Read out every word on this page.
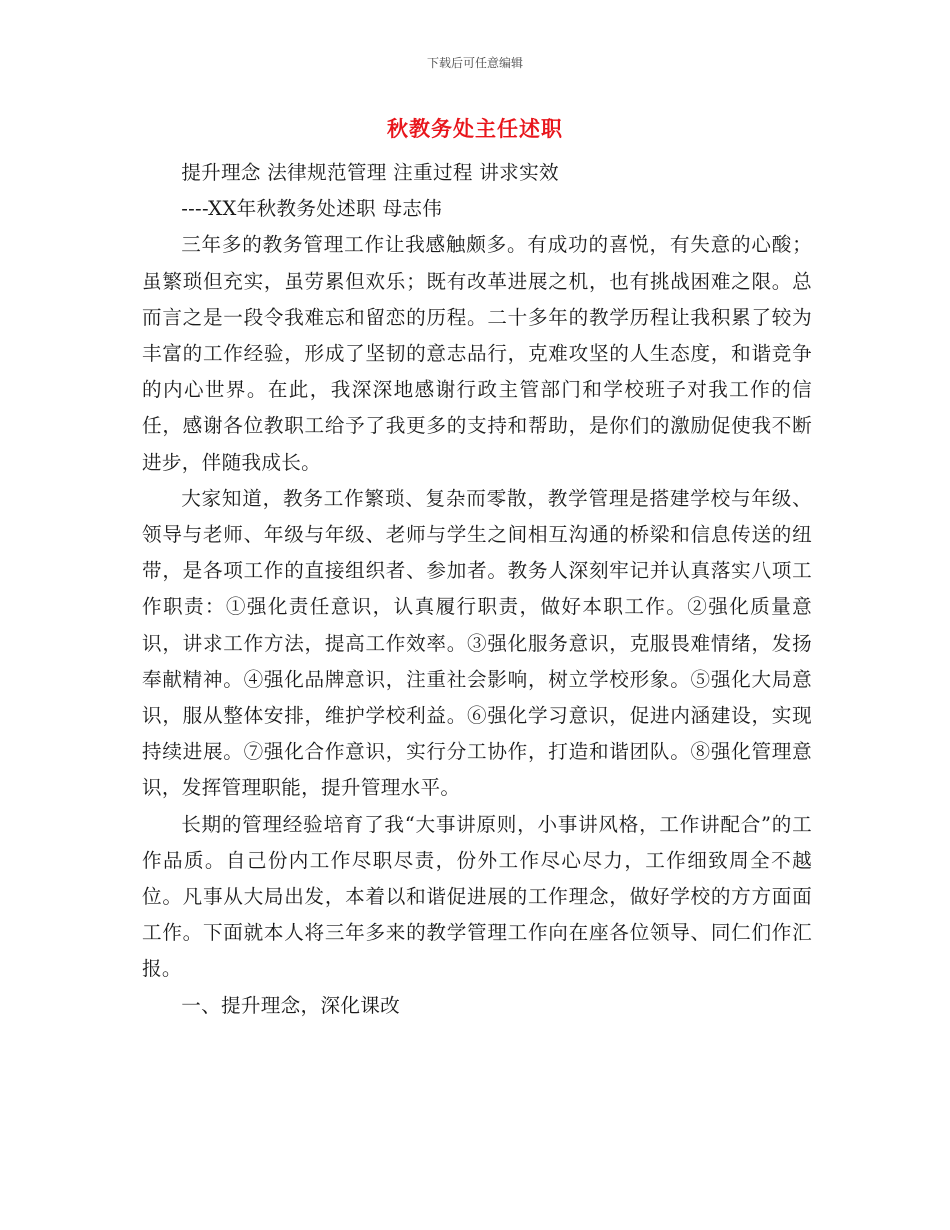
下载后可任意编辑
秋教务处主任述职

提升理念 法律规范管理 注重过程 讲求实效

----XX年秋教务处述职 母志伟

三年多的教务管理工作让我感触颇多。有成功的喜悦，有失意的心酸；虽繁琐但充实，虽劳累但欢乐；既有改革进展之机，也有挑战困难之限。总而言之是一段令我难忘和留恋的历程。二十多年的教学历程让我积累了较为丰富的工作经验，形成了坚韧的意志品行，克难攻坚的人生态度，和谐竞争的内心世界。在此，我深深地感谢行政主管部门和学校班子对我工作的信任，感谢各位教职工给予了我更多的支持和帮助，是你们的激励促使我不断进步，伴随我成长。

大家知道，教务工作繁琐、复杂而零散，教学管理是搭建学校与年级、领导与老师、年级与年级、老师与学生之间相互沟通的桥梁和信息传送的纽带，是各项工作的直接组织者、参加者。教务人深刻牢记并认真落实八项工作职责：①强化责任意识，认真履行职责，做好本职工作。②强化质量意识，讲求工作方法，提高工作效率。③强化服务意识，克服畏难情绪，发扬奉献精神。④强化品牌意识，注重社会影响，树立学校形象。⑤强化大局意识，服从整体安排，维护学校利益。⑥强化学习意识，促进内涵建设，实现持续进展。⑦强化合作意识，实行分工协作，打造和谐团队。⑧强化管理意识，发挥管理职能，提升管理水平。

长期的管理经验培育了我“大事讲原则，小事讲风格，工作讲配合”的工作品质。自己份内工作尽职尽责，份外工作尽心尽力，工作细致周全不越位。凡事从大局出发，本着以和谐促进展的工作理念，做好学校的方方面面工作。下面就本人将三年多来的教学管理工作向在座各位领导、同仁们作汇报。

一、提升理念，深化课改
